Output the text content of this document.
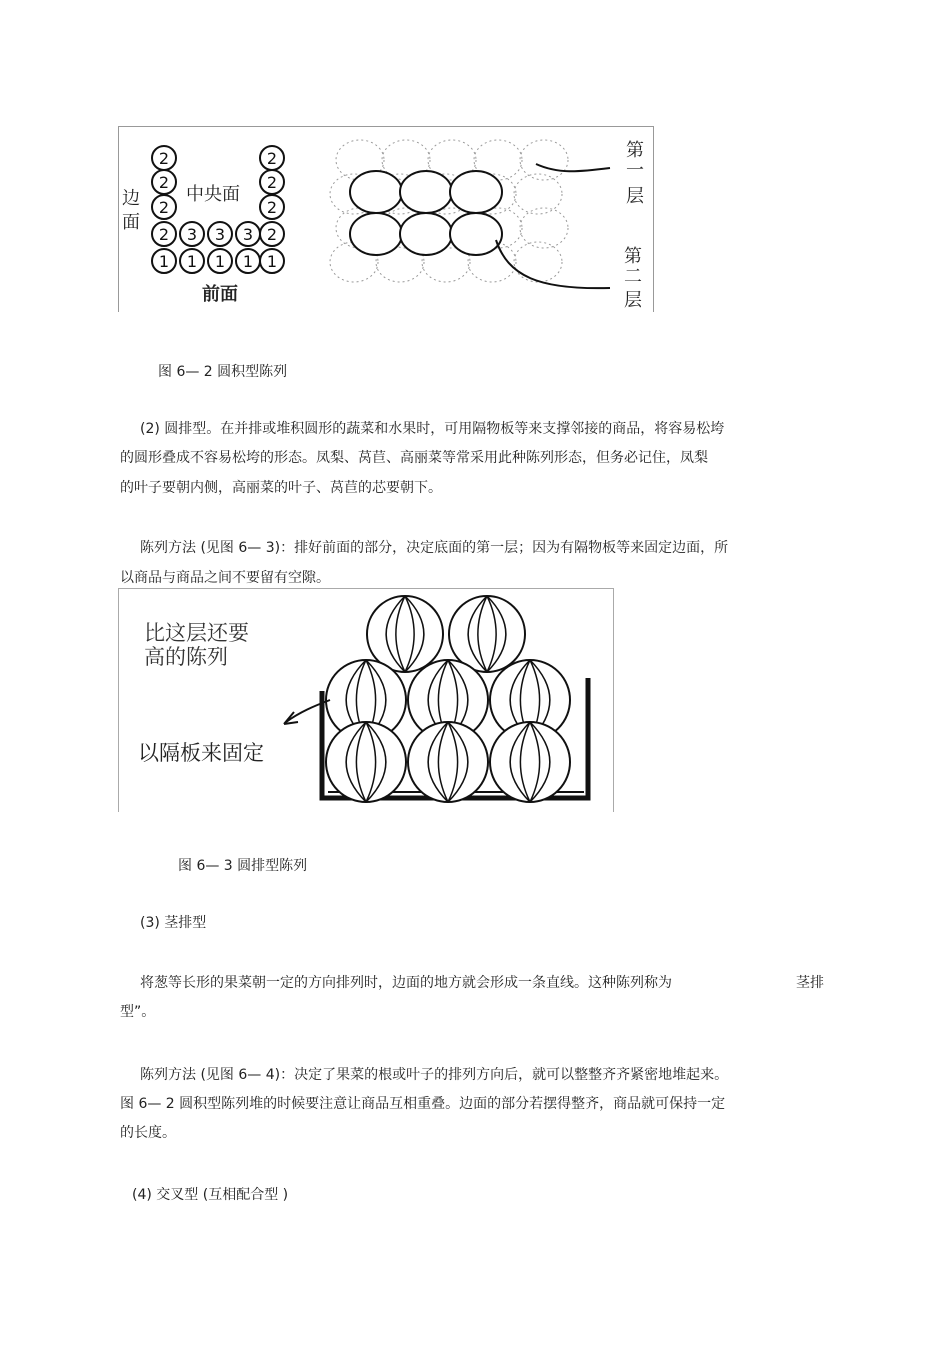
2	2
2	2
2	2
2 3 3 3 2
1 1 1 1 1
边
面
中央面
前面
第
一
层
第
二
层
图 6— 2 圆积型陈列
(2) 圆排型。在并排或堆积圆形的蔬菜和水果时，可用隔物板等来支撑邻接的商品，将容易松垮
的圆形叠成不容易松垮的形态。凤梨、莴苣、高丽菜等常采用此种陈列形态，但务必记住，凤梨
的叶子要朝内侧，高丽菜的叶子、莴苣的芯要朝下。
陈列方法 (见图 6— 3)：排好前面的部分，决定底面的第一层；因为有隔物板等来固定边面，所
以商品与商品之间不要留有空隙。
比这层还要
高的陈列
以隔板来固定
图 6— 3 圆排型陈列
(3) 茎排型
将葱等长形的果菜朝一定的方向排列时，边面的地方就会形成一条直线。这种陈列称为	茎排
型”。
陈列方法 (见图 6— 4)：决定了果菜的根或叶子的排列方向后，就可以整整齐齐紧密地堆起来。
图 6— 2 圆积型陈列堆的时候要注意让商品互相重叠。边面的部分若摆得整齐，商品就可保持一定
的长度。
(4) 交叉型 (互相配合型 )
